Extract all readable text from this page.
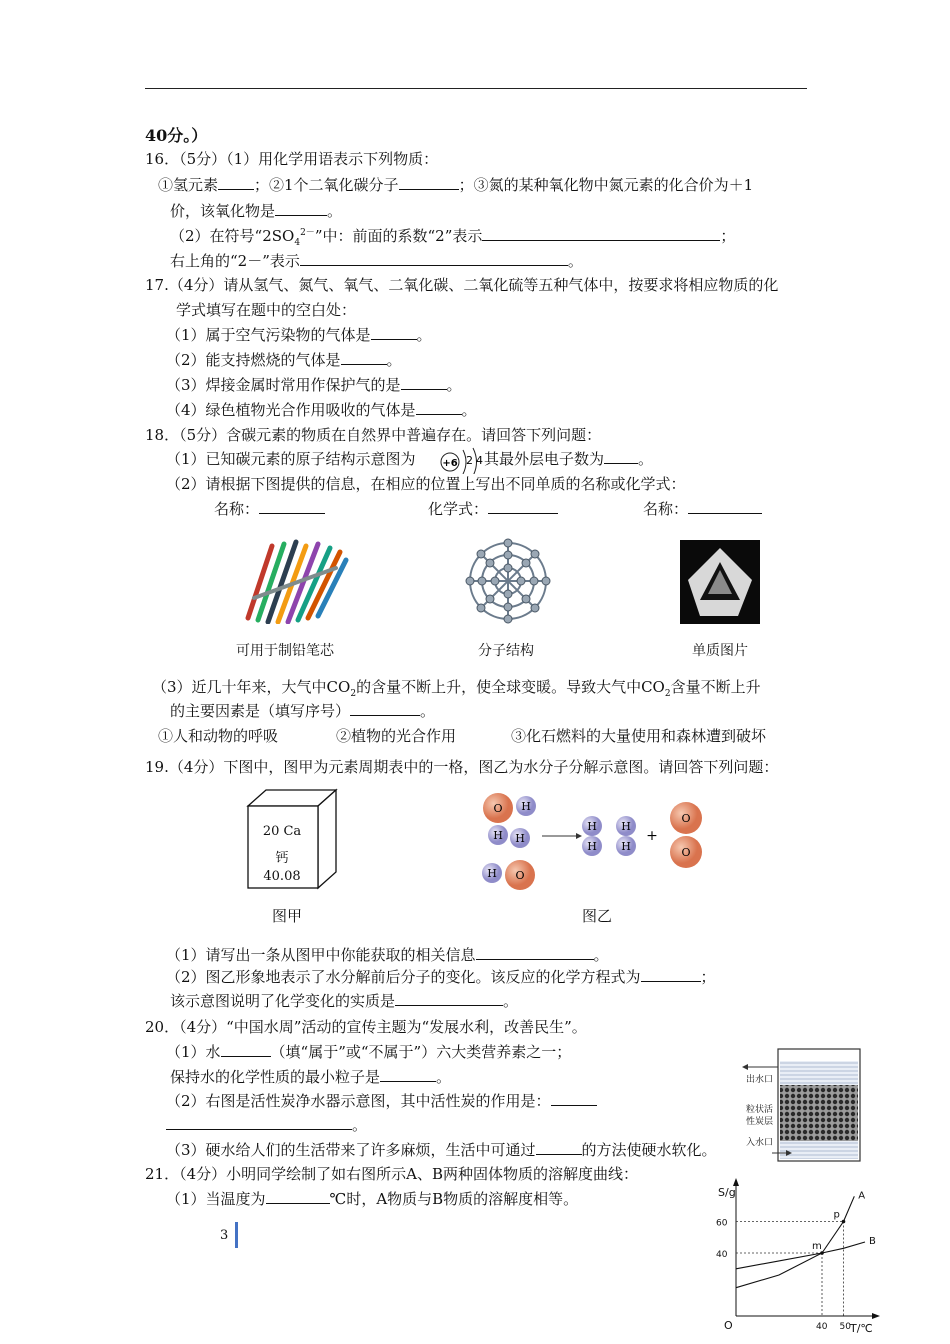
40分。）
16．（5分）（1）用化学用语表示下列物质：
①氢元素 ；②1个二氧化碳分子	；③氮的某种氧化物中氮元素的化合价为＋1
价，该氧化物是	。
（2）在符号“$2SO_4^{2-}$”中：前面的系数“2”表示	；
右上角的“2－”表示	。
17.（4分）请从氢气、氮气、氧气、二氧化碳、二氧化硫等五种气体中，按要求将相应物质的化
学式填写在题中的空白处：
（1）属于空气污染物的气体是	。
（2）能支持燃烧的气体是	。
（3）焊接金属时常用作保护气的是	。
（4）绿色植物光合作用吸收的气体是	。
18．（5分）含碳元素的物质在自然界中普遍存在。请回答下列问题：
（1）已知碳元素的原子结构示意图为	+6 2 4 其最外层电子数为 。
（2）请根据下图提供的信息，在相应的位置上写出不同单质的名称或化学式：
名称：	化学式：	名称：
可用于制铅笔芯	分子结构	单质图片
（3）近几十年来，大气中$CO_2$的含量不断上升，使全球变暖。导致大气中$CO_2$含量不断上升
的主要因素是（填写序号）	。
①人和动物的呼吸	②植物的光合作用	③化石燃料的大量使用和森林遭到破坏
19.（4分）下图中，图甲为元素周期表中的一格，图乙为水分子分解示意图。请回答下列问题：
20 Ca
钙
40.08
O H
H H
O
H
H
H
H
H
+
O
O
图甲	图乙
（1）请写出一条从图甲中你能获取的相关信息	。
（2）图乙形象地表示了水分解前后分子的变化。该反应的化学方程式为	；
该示意图说明了化学变化的实质是	。
20．（4分）“中国水周”活动的宣传主题为“发展水利，改善民生”。
（1）水	（填“属于”或“不属于”）六大类营养素之一；
保持水的化学性质的最小粒子是	。
（2）右图是活性炭净水器示意图，其中活性炭的作用是：
。
（3）硬水给人们的生活带来了许多麻烦，生活中可通过	的方法使硬水软化。
出水口
粒状活
性炭层
入水口
21．（4分）小明同学绘制了如右图所示A、B两种固体物质的溶解度曲线：
（1）当温度为	℃时，A物质与B物质的溶解度相等。	S/g
T/℃
O
40
60
40 50
m
p
A
B
3
